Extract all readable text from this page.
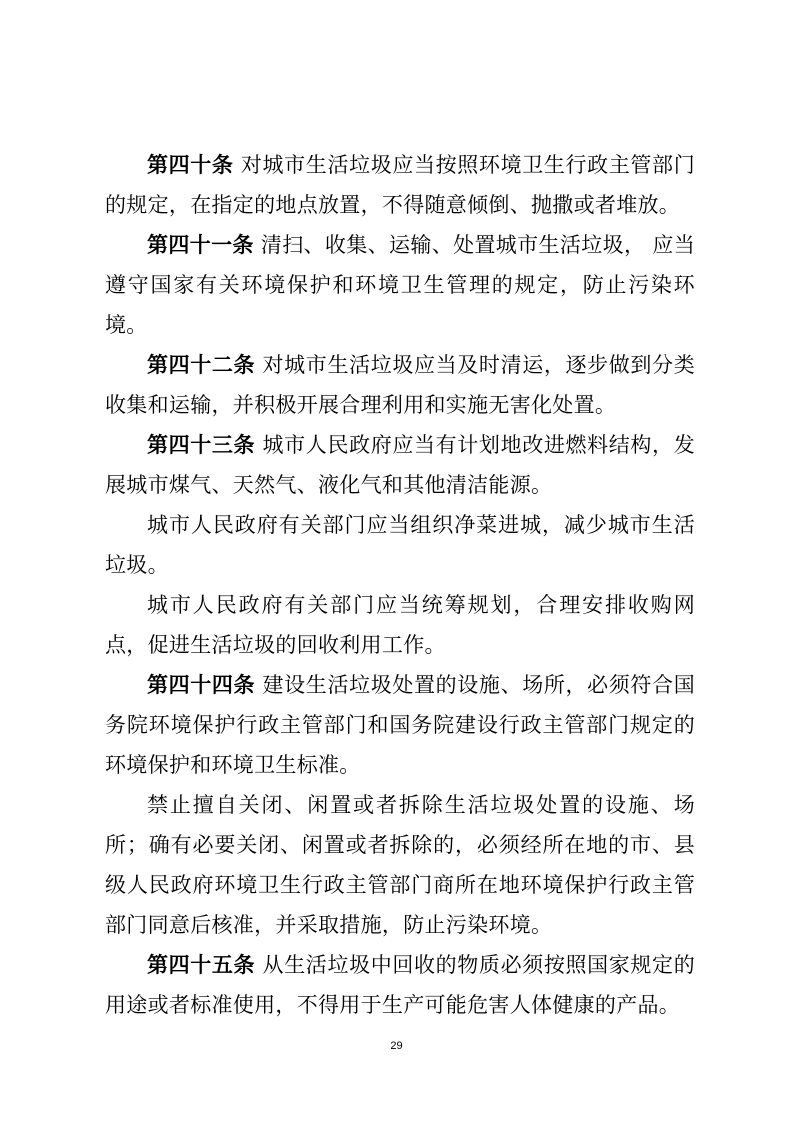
第四十条 对城市生活垃圾应当按照环境卫生行政主管部门的规定，在指定的地点放置，不得随意倾倒、抛撒或者堆放。

第四十一条 清扫、收集、运输、处置城市生活垃圾， 应当遵守国家有关环境保护和环境卫生管理的规定，防止污染环境。

第四十二条 对城市生活垃圾应当及时清运，逐步做到分类收集和运输，并积极开展合理利用和实施无害化处置。

第四十三条 城市人民政府应当有计划地改进燃料结构，发展城市煤气、天然气、液化气和其他清洁能源。

城市人民政府有关部门应当组织净菜进城，减少城市生活垃圾。

城市人民政府有关部门应当统筹规划，合理安排收购网点，促进生活垃圾的回收利用工作。

第四十四条 建设生活垃圾处置的设施、场所，必须符合国务院环境保护行政主管部门和国务院建设行政主管部门规定的环境保护和环境卫生标准。

禁止擅自关闭、闲置或者拆除生活垃圾处置的设施、场所；确有必要关闭、闲置或者拆除的，必须经所在地的市、县级人民政府环境卫生行政主管部门商所在地环境保护行政主管部门同意后核准，并采取措施，防止污染环境。

第四十五条 从生活垃圾中回收的物质必须按照国家规定的用途或者标准使用，不得用于生产可能危害人体健康的产品。

29
